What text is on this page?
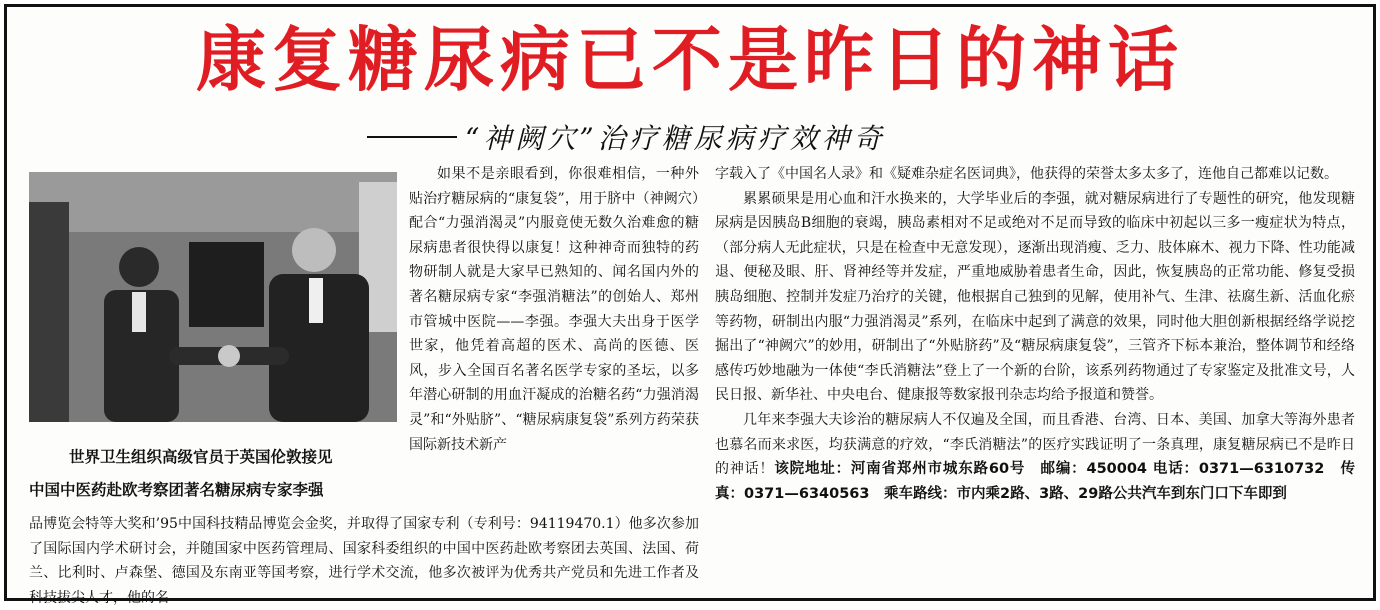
康复糖尿病已不是昨日的神话
“神阙穴”治疗糖尿病疗效神奇
世界卫生组织高级官员于英国伦敦接见
中国中医药赴欧考察团著名糖尿病专家李强

如果不是亲眼看到，你很难相信，一种外贴治疗糖尿病的“康复袋”，用于脐中（神阙穴）配合“力强消渴灵”内服竟使无数久治难愈的糖尿病患者很快得以康复！这种神奇而独特的药物研制人就是大家早已熟知的、闻名国内外的著名糖尿病专家“李强消糖法”的创始人、郑州市管城中医院——李强。李强大夫出身于医学世家，他凭着高超的医术、高尚的医德、医风，步入全国百名著名医学专家的圣坛，以多年潜心研制的用血汗凝成的治糖名药“力强消渴灵”和“外贴脐”、“糖尿病康复袋”系列方药荣获国际新技术新产

品博览会特等大奖和’95中国科技精品博览会金奖，并取得了国家专利（专利号：94119470.1）他多次参加了国际国内学术研讨会，并随国家中医药管理局、国家科委组织的中国中医药赴欧考察团去英国、法国、荷兰、比利时、卢森堡、德国及东南亚等国考察，进行学术交流，他多次被评为优秀共产党员和先进工作者及科技拔尖人才，他的名

字载入了《中国名人录》和《疑难杂症名医词典》，他获得的荣誉太多太多了，连他自己都难以记数。

累累硕果是用心血和汗水换来的，大学毕业后的李强，就对糖尿病进行了专题性的研究，他发现糖尿病是因胰岛B细胞的衰竭，胰岛素相对不足或绝对不足而导致的临床中初起以三多一瘦症状为特点，（部分病人无此症状，只是在检查中无意发现），逐渐出现消瘦、乏力、肢体麻木、视力下降、性功能减退、便秘及眼、肝、肾神经等并发症，严重地威胁着患者生命，因此，恢复胰岛的正常功能、修复受损胰岛细胞、控制并发症乃治疗的关键，他根据自己独到的见解，使用补气、生津、祛腐生新、活血化瘀等药物，研制出内服“力强消渴灵”系列，在临床中起到了满意的效果，同时他大胆创新根据经络学说挖掘出了“神阙穴”的妙用，研制出了“外贴脐药”及“糖尿病康复袋”，三管齐下标本兼治，整体调节和经络感传巧妙地融为一体使“李氏消糖法”登上了一个新的台阶，该系列药物通过了专家鉴定及批准文号，人民日报、新华社、中央电台、健康报等数家报刊杂志均给予报道和赞誉。

几年来李强大夫诊治的糖尿病人不仅遍及全国，而且香港、台湾、日本、美国、加拿大等海外患者也慕名而来求医，均获满意的疗效，“李氏消糖法”的医疗实践证明了一条真理，康复糖尿病已不是昨日的神话！该院地址：河南省郑州市城东路60号　邮编：450004 电话：0371—6310732　传真：0371—6340563　乘车路线：市内乘2路、3路、29路公共汽车到东门口下车即到
